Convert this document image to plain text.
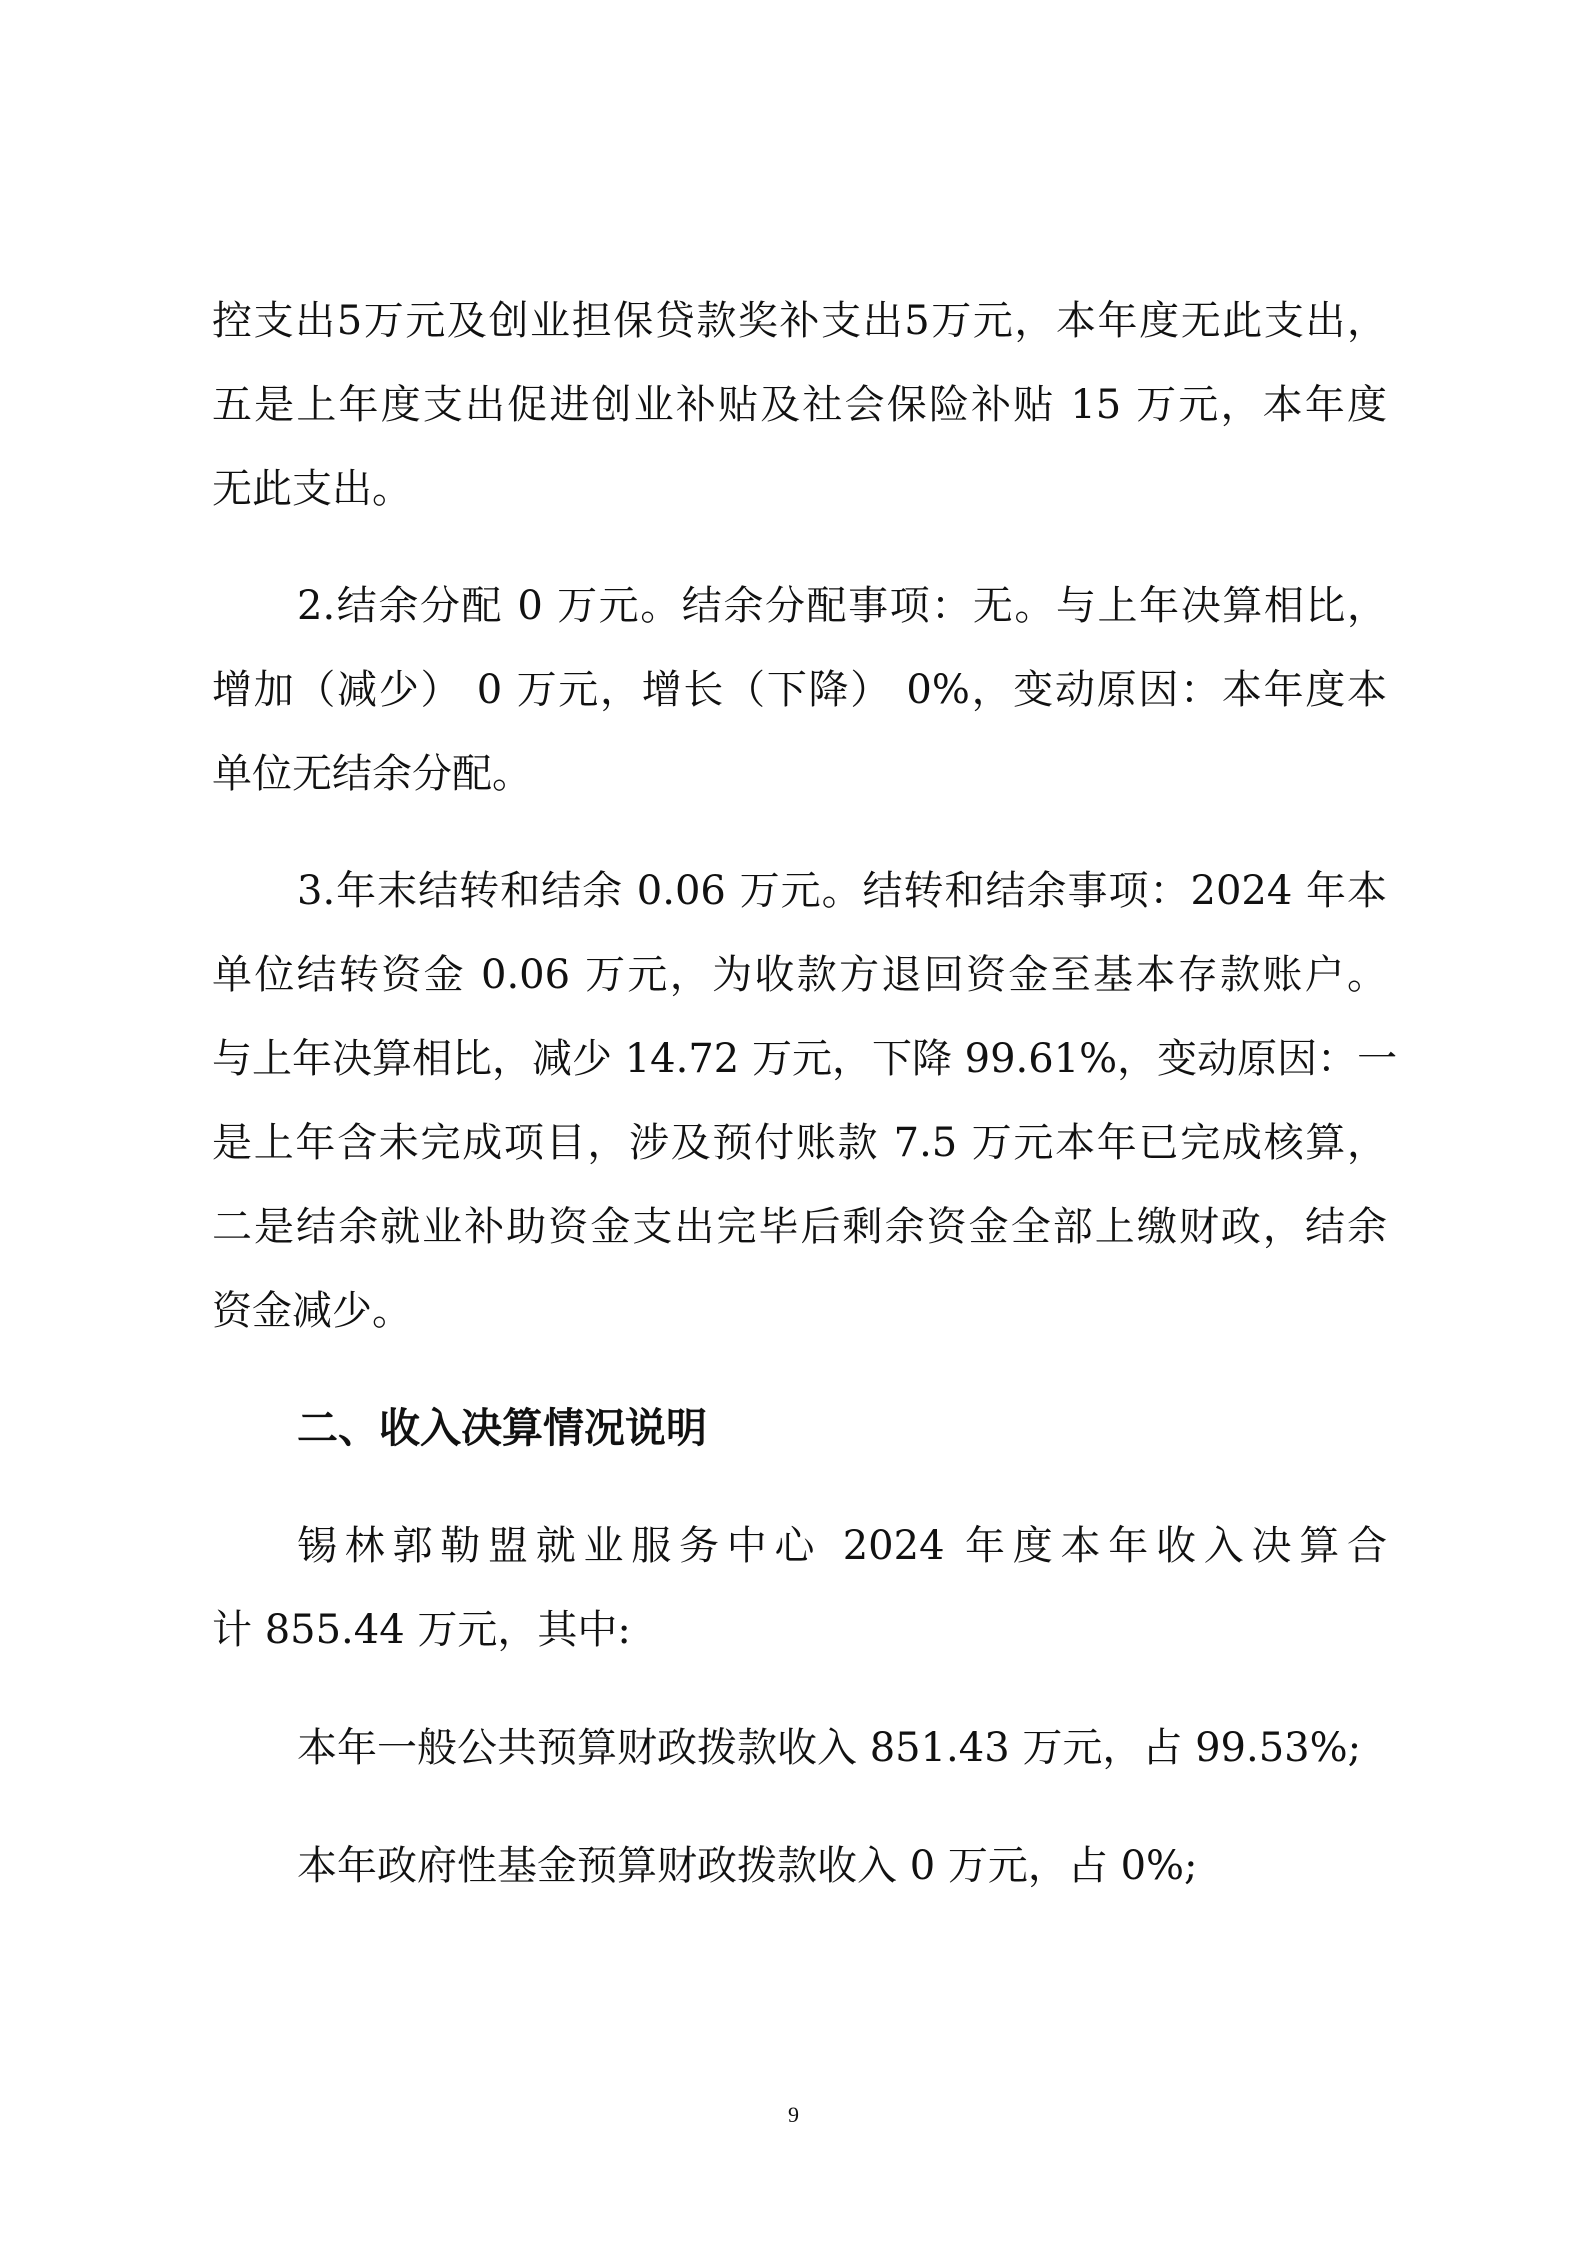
控支出5万元及创业担保贷款奖补支出5万元，本年度无此支出，
五是上年度支出促进创业补贴及社会保险补贴 15 万元，本年度
无此支出。
2.结余分配 0 万元。结余分配事项：无。与上年决算相比，
增加（减少） 0 万元，增长（下降） 0%，变动原因：本年度本
单位无结余分配。
3.年末结转和结余 0.06 万元。结转和结余事项：2024 年本
单位结转资金 0.06 万元，为收款方退回资金至基本存款账户。
与上年决算相比，减少 14.72 万元，下降 99.61%，变动原因：一
是上年含未完成项目，涉及预付账款 7.5 万元本年已完成核算，
二是结余就业补助资金支出完毕后剩余资金全部上缴财政，结余
资金减少。
二、收入决算情况说明
锡林郭勒盟就业服务中心 2024 年度本年收入决算合
计 855.44 万元，其中:
本年一般公共预算财政拨款收入 851.43 万元，占 99.53%;
本年政府性基金预算财政拨款收入 0 万元，占 0%;
9
